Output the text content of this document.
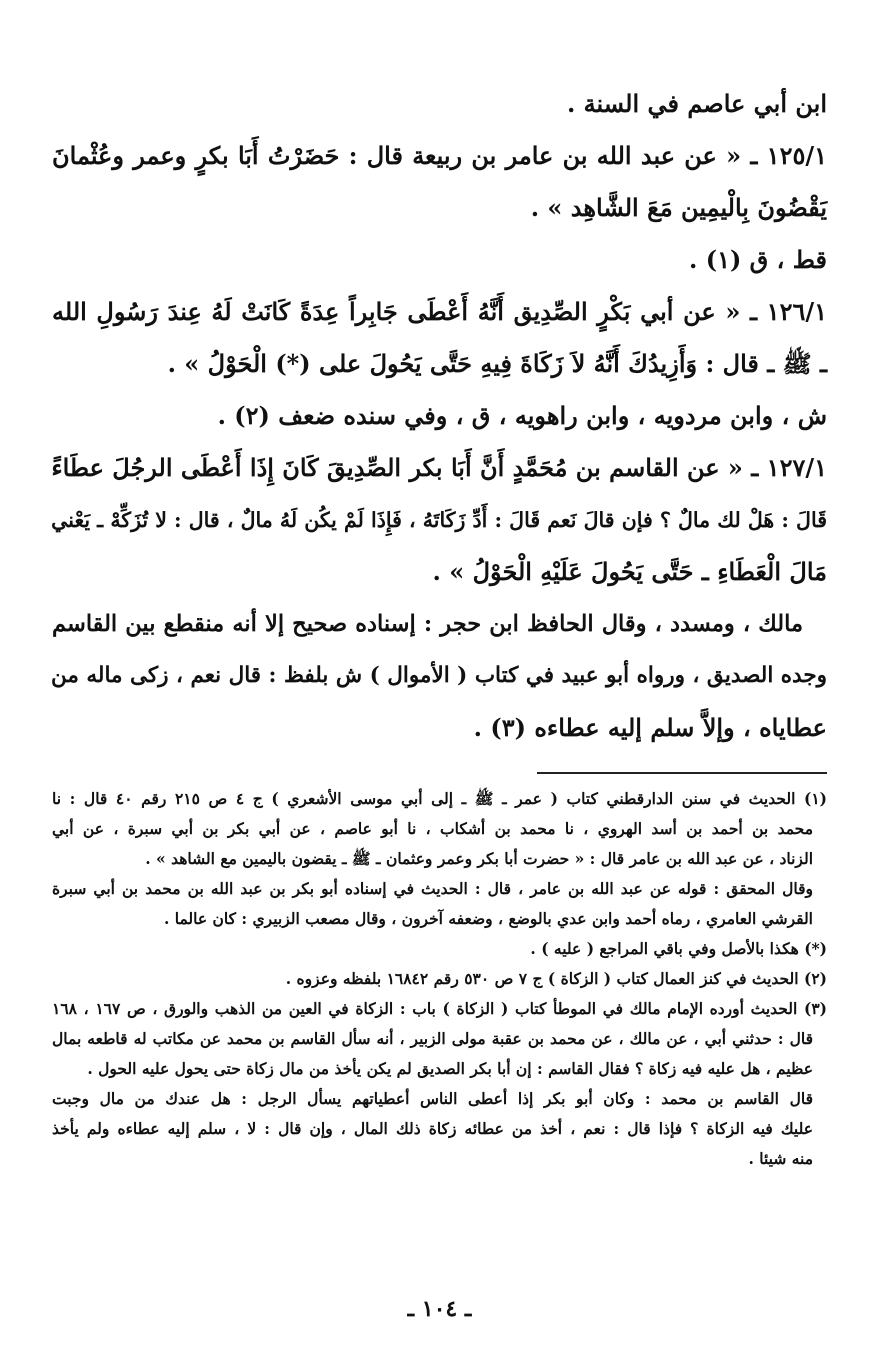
ابن أبي عاصم في السنة .
١٢٥/١ ـ « عن عبد الله بن عامر بن ربيعة قال : حَضَرْتُ أَبَا بكرٍ وعمر وعُثْمانَ
يَقْضُونَ بِالْيمِين مَعَ الشَّاهِد » .
قط ، ق (١) .
١٢٦/١ ـ « عن أبي بَكْرٍ الصِّدِيق أَنَّهُ أَعْطَى جَابِراً عِدَةً كَانَتْ لَهُ عِندَ رَسُولِ الله
ـ ﷺ ـ قال : وَأَزِيدُكَ أَنَّهُ لاَ زَكَاةَ فِيهِ حَتَّى يَحُولَ على (*) الْحَوْلُ » .
ش ، وابن مردويه ، وابن راهويه ، ق ، وفي سنده ضعف (٢) .
١٢٧/١ ـ « عن القاسم بن مُحَمَّدٍ أَنَّ أَبَا بكر الصِّدِيقَ كَانَ إِذَا أَعْطَى الرجُلَ عطَاءً
قَالَ : هَلْ لك مالٌ ؟ فإن قالَ نَعم قَالَ : أَدِّ زَكَاتَهُ ، فَإِذَا لَمْ يكُن لَهُ مالٌ ، قال : لا تُزَكِّهْ ـ يَعْني
مَالَ الْعَطَاءِ ـ حَتَّى يَحُولَ عَلَيْهِ الْحَوْلُ » .
مالك ، ومسدد ، وقال الحافظ ابن حجر : إسناده صحيح إلا أنه منقطع بين القاسم
وجده الصديق ، ورواه أبو عبيد في كتاب ( الأموال ) ش بلفظ : قال نعم ، زكى ماله من
عطاياه ، وإلاَّ سلم إليه عطاءه (٣) .
(١) الحديث في سنن الدارقطني كتاب ( عمر ـ ﷺ ـ إلى أبي موسى الأشعري ) ج ٤ ص ٢١٥ رقم ٤٠ قال : نا
محمد بن أحمد بن أسد الهروي ، نا محمد بن أشكاب ، نا أبو عاصم ، عن أبي بكر بن أبي سبرة ، عن أبي
الزناد ، عن عبد الله بن عامر قال : « حضرت أبا بكر وعمر وعثمان ـ ﷺ ـ يقضون باليمين مع الشاهد » .
وقال المحقق : قوله عن عبد الله بن عامر ، قال : الحديث في إسناده أبو بكر بن عبد الله بن محمد بن أبي سبرة
القرشي العامري ، رماه أحمد وابن عدي بالوضع ، وضعفه آخرون ، وقال مصعب الزبيري : كان عالما .
(*) هكذا بالأصل وفي باقي المراجع ( عليه ) .
(٢) الحديث في كنز العمال كتاب ( الزكاة ) ج ٧ ص ٥٣٠ رقم ١٦٨٤٢ بلفظه وعزوه .
(٣) الحديث أورده الإمام مالك في الموطأ كتاب ( الزكاة ) باب : الزكاة في العين من الذهب والورق ، ص ١٦٧ ، ١٦٨
قال : حدثني أبي ، عن مالك ، عن محمد بن عقبة مولى الزبير ، أنه سأل القاسم بن محمد عن مكاتب له قاطعه بمال
عظيم ، هل عليه فيه زكاة ؟ فقال القاسم : إن أبا بكر الصديق لم يكن يأخذ من مال زكاة حتى يحول عليه الحول .
قال القاسم بن محمد : وكان أبو بكر إذا أعطى الناس أعطياتهم يسأل الرجل : هل عندك من مال وجبت
عليك فيه الزكاة ؟ فإذا قال : نعم ، أخذ من عطائه زكاة ذلك المال ، وإن قال : لا ، سلم إليه عطاءه ولم يأخذ
منه شيئا .
ـ ١٠٤ ـ
